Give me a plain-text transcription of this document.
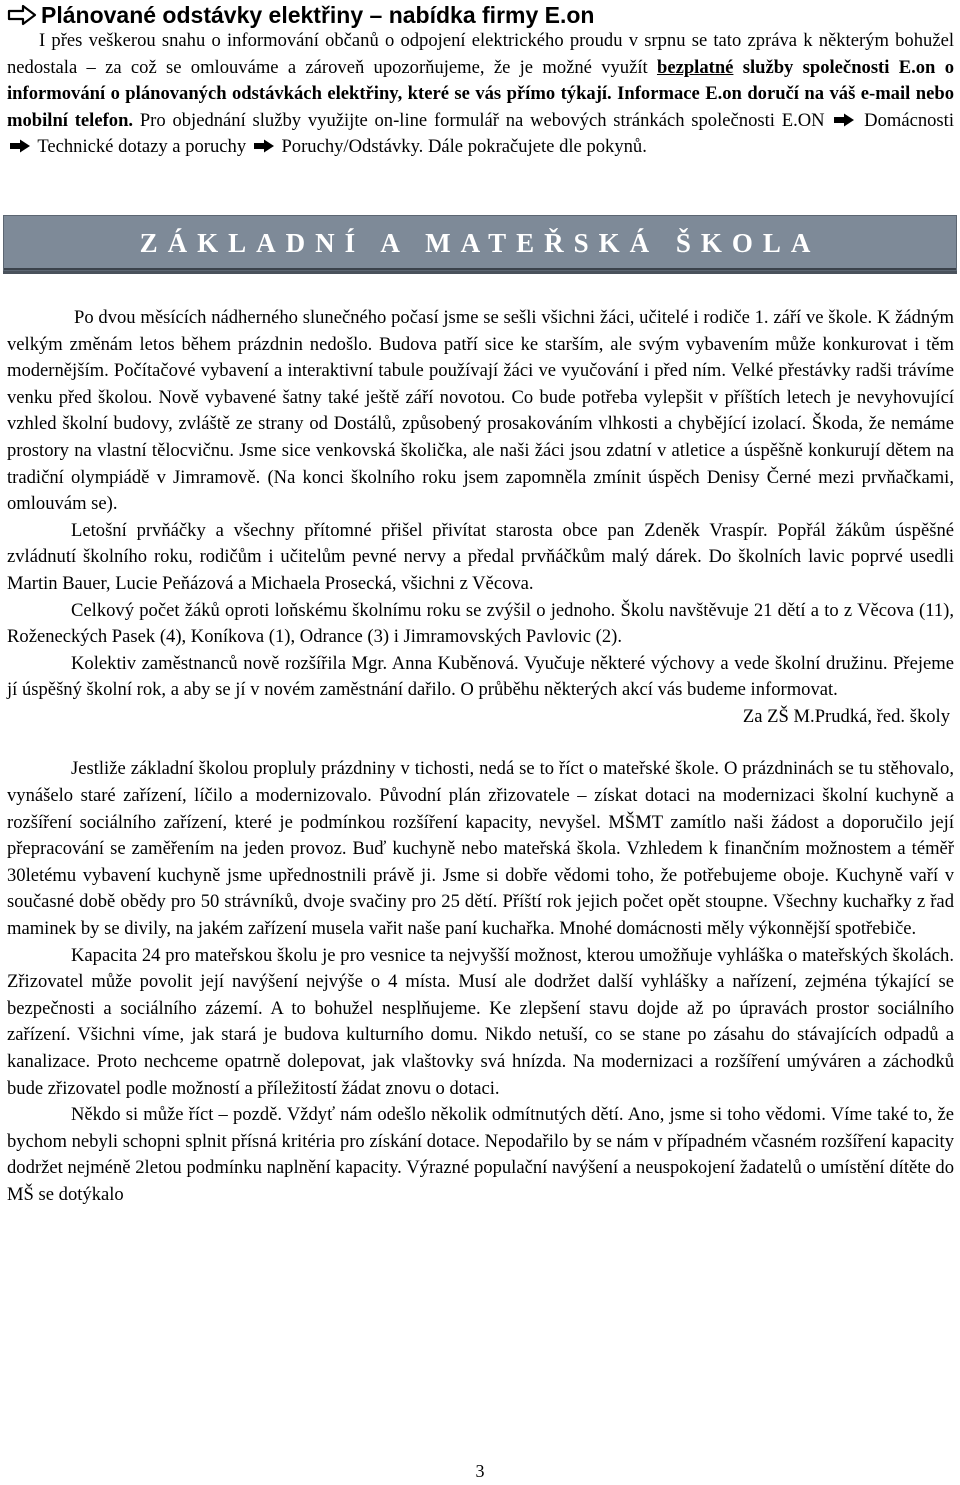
Plánované odstávky elektřiny – nabídka firmy E.on

I přes veškerou snahu o informování občanů o odpojení elektrického proudu v srpnu se tato zpráva k některým bohužel nedostala – za což se omlouváme a zároveň upozorňujeme, že je možné využít bezplatné služby společnosti E.on o informování o plánovaných odstávkách elektřiny, které se vás přímo týkají. Informace E.on doručí na váš e-mail nebo mobilní telefon. Pro objednání služby využijte on-line formulář na webových stránkách společnosti E.ON Domácnosti  Technické dotazy a poruchy Poruchy/Odstávky. Dále pokračujete dle pokynů.

ZÁKLADNÍ A MATEŘSKÁ ŠKOLA

Po dvou měsících nádherného slunečného počasí jsme se sešli všichni žáci, učitelé i rodiče 1. září ve škole. K žádným velkým změnám letos během prázdnin nedošlo. Budova patří sice ke starším, ale svým vybavením může konkurovat i těm modernějším. Počítačové vybavení a interaktivní tabule používají žáci ve vyučování i před ním. Velké přestávky radši trávíme venku před školou. Nově vybavené šatny také ještě září novotou. Co bude potřeba vylepšit v příštích letech je nevyhovující vzhled školní budovy, zvláště ze strany od Dostálů, způsobený prosakováním vlhkosti a chybějící izolací. Škoda, že nemáme prostory na vlastní tělocvičnu. Jsme sice venkovská školička, ale naši žáci jsou zdatní v atletice a úspěšně konkurují dětem na tradiční olympiádě v Jimramově. (Na konci školního roku jsem zapomněla zmínit úspěch Denisy Černé mezi prvňačkami, omlouvám se).

Letošní prvňáčky a všechny přítomné přišel přivítat starosta obce pan Zdeněk Vraspír. Popřál žákům úspěšné zvládnutí školního roku, rodičům i učitelům pevné nervy a předal prvňáčkům malý dárek. Do školních lavic poprvé usedli Martin Bauer, Lucie Peňázová a Michaela Prosecká, všichni z Věcova.

Celkový počet žáků oproti loňskému školnímu roku se zvýšil o jednoho. Školu navštěvuje 21 dětí a to z Věcova (11), Roženeckých Pasek (4), Koníkova (1), Odrance (3) i Jimramovských Pavlovic (2).

Kolektiv zaměstnanců nově rozšířila Mgr. Anna Kuběnová. Vyučuje některé výchovy a vede školní družinu. Přejeme jí úspěšný školní rok, a aby se jí v novém zaměstnání dařilo. O průběhu některých akcí vás budeme informovat.

Za ZŠ M.Prudká, řed. školy

Jestliže základní školou propluly prázdniny v tichosti, nedá se to říct o mateřské škole. O prázdninách se tu stěhovalo, vynášelo staré zařízení, líčilo a modernizovalo. Původní plán zřizovatele – získat dotaci na modernizaci školní kuchyně a rozšíření sociálního zařízení, které je podmínkou rozšíření kapacity, nevyšel. MŠMT zamítlo naši žádost a doporučilo její přepracování se zaměřením na jeden provoz. Buď kuchyně nebo mateřská škola. Vzhledem k finančním možnostem a téměř 30letému vybavení kuchyně jsme upřednostnili právě ji. Jsme si dobře vědomi toho, že potřebujeme oboje. Kuchyně vaří v současné době obědy pro 50 strávníků, dvoje svačiny pro 25 dětí. Příští rok jejich počet opět stoupne. Všechny kuchařky z řad maminek by se divily, na jakém zařízení musela vařit naše paní kuchařka. Mnohé domácnosti měly výkonnější spotřebiče.

Kapacita 24 pro mateřskou školu je pro vesnice ta nejvyšší možnost, kterou umožňuje vyhláška o mateřských školách. Zřizovatel může povolit její navýšení nejvýše o 4 místa. Musí ale dodržet další vyhlášky a nařízení, zejména týkající se bezpečnosti a sociálního zázemí. A to bohužel nesplňujeme. Ke zlepšení stavu dojde až po úpravách prostor sociálního zařízení. Všichni víme, jak stará je budova kulturního domu. Nikdo netuší, co se stane po zásahu do stávajících odpadů a kanalizace. Proto nechceme opatrně dolepovat, jak vlaštovky svá hnízda. Na modernizaci a rozšíření umýváren a záchodků bude zřizovatel podle možností a příležitostí žádat znovu o dotaci.

Někdo si může říct – pozdě. Vždyť nám odešlo několik odmítnutých dětí. Ano, jsme si toho vědomi. Víme také to, že bychom nebyli schopni splnit přísná kritéria pro získání dotace. Nepodařilo by se nám v případném včasném rozšíření kapacity dodržet nejméně 2letou podmínku naplnění kapacity. Výrazné populační navýšení a neuspokojení žadatelů o umístění dítěte do MŠ se dotýkalo

3
